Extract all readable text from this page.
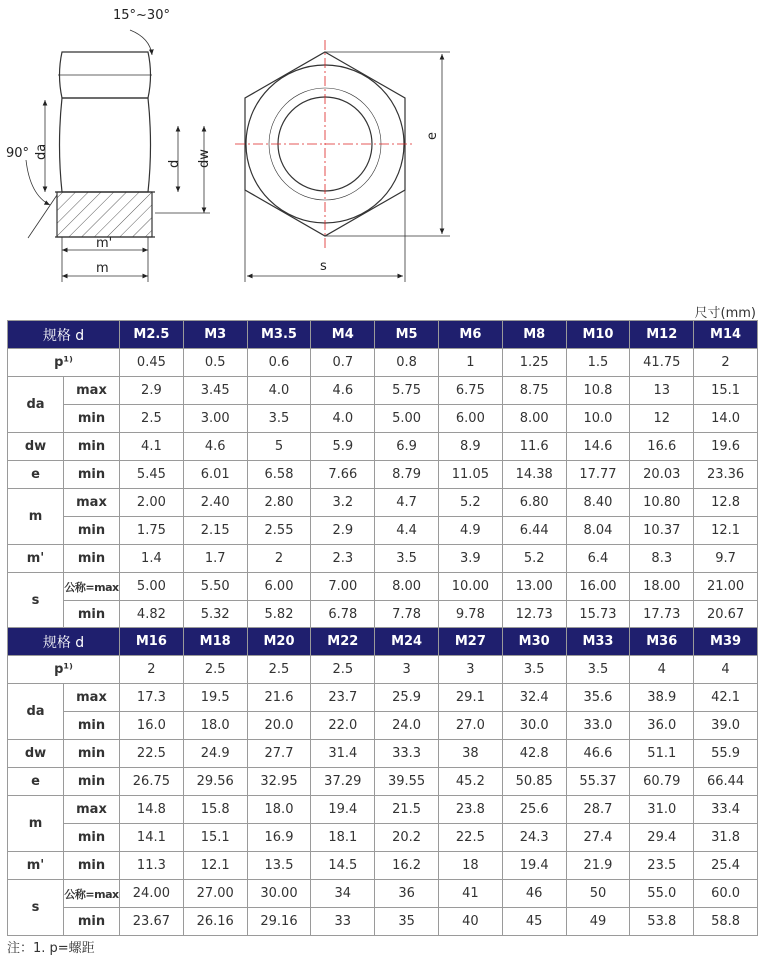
15°~30°
90° da
d dw
m'
m
e
s
尺寸(mm)
规格 d		M2.5	M3	M3.5	M4	M5	M6	M8	M10	M12	M14
p¹⁾		0.45	0.5	0.6	0.7	0.8	1	1.25	1.5	41.75	2
da	max	2.9	3.45	4.0	4.6	5.75	6.75	8.75	10.8	13	15.1
	min	2.5	3.00	3.5	4.0	5.00	6.00	8.00	10.0	12	14.0
dw	min	4.1	4.6	5	5.9	6.9	8.9	11.6	14.6	16.6	19.6
e	min	5.45	6.01	6.58	7.66	8.79	11.05	14.38	17.77	20.03	23.36
m	max	2.00	2.40	2.80	3.2	4.7	5.2	6.80	8.40	10.80	12.8
	min	1.75	2.15	2.55	2.9	4.4	4.9	6.44	8.04	10.37	12.1
m'	min	1.4	1.7	2	2.3	3.5	3.9	5.2	6.4	8.3	9.7
s	公称=max	5.00	5.50	6.00	7.00	8.00	10.00	13.00	16.00	18.00	21.00
	min	4.82	5.32	5.82	6.78	7.78	9.78	12.73	15.73	17.73	20.67
规格 d		M16	M18	M20	M22	M24	M27	M30	M33	M36	M39
p¹⁾		2	2.5	2.5	2.5	3	3	3.5	3.5	4	4
da	max	17.3	19.5	21.6	23.7	25.9	29.1	32.4	35.6	38.9	42.1
	min	16.0	18.0	20.0	22.0	24.0	27.0	30.0	33.0	36.0	39.0
dw	min	22.5	24.9	27.7	31.4	33.3	38	42.8	46.6	51.1	55.9
e	min	26.75	29.56	32.95	37.29	39.55	45.2	50.85	55.37	60.79	66.44
m	max	14.8	15.8	18.0	19.4	21.5	23.8	25.6	28.7	31.0	33.4
	min	14.1	15.1	16.9	18.1	20.2	22.5	24.3	27.4	29.4	31.8
m'	min	11.3	12.1	13.5	14.5	16.2	18	19.4	21.9	23.5	25.4
s	公称=max	24.00	27.00	30.00	34	36	41	46	50	55.0	60.0
	min	23.67	26.16	29.16	33	35	40	45	49	53.8	58.8
注：1. p=螺距
